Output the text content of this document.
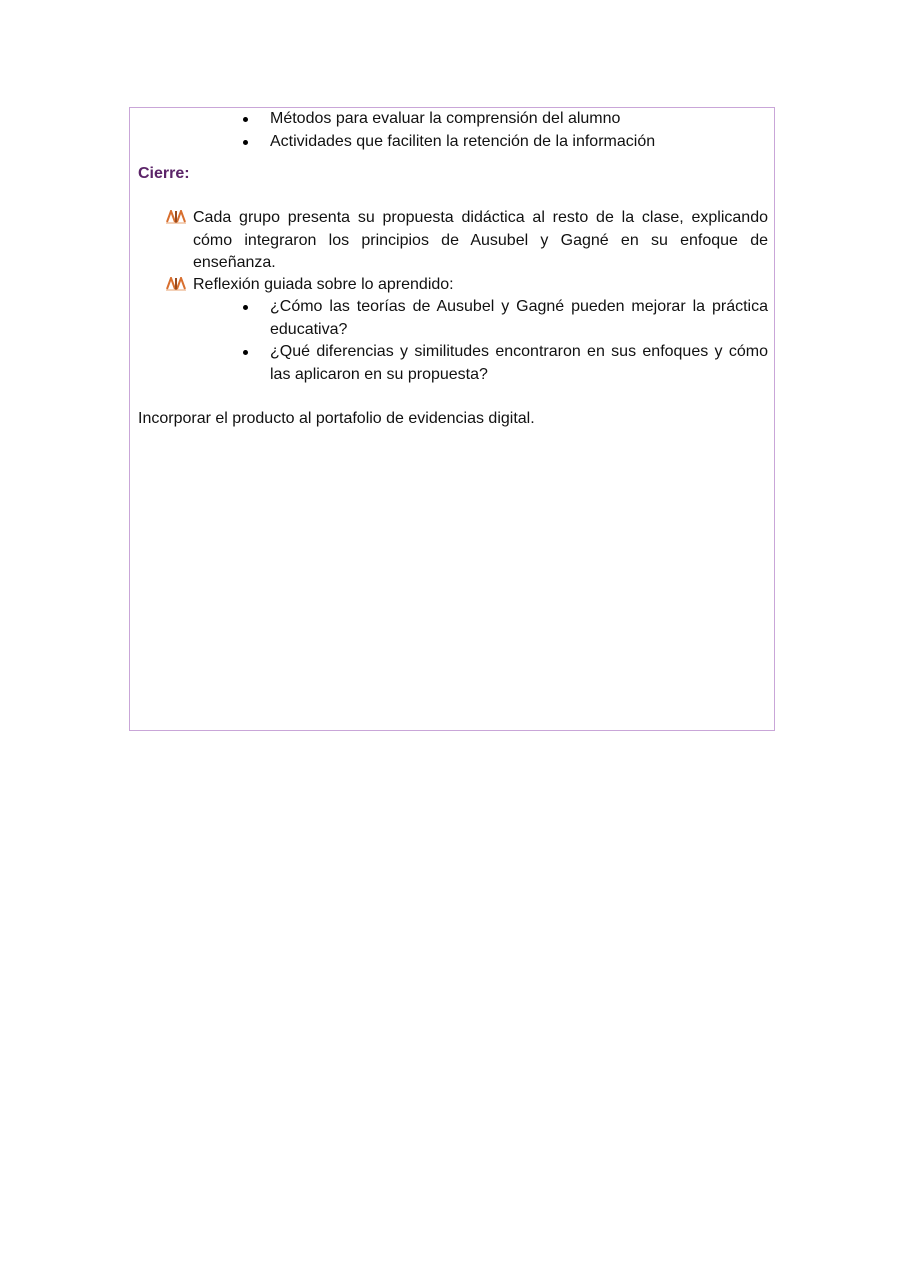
Métodos para evaluar la comprensión del alumno
Actividades que faciliten la retención de la información
Cierre:
Cada grupo presenta su propuesta didáctica al resto de la clase, explicando cómo integraron los principios de Ausubel y Gagné en su enfoque de enseñanza.
Reflexión guiada sobre lo aprendido:
¿Cómo las teorías de Ausubel y Gagné pueden mejorar la práctica educativa?
¿Qué diferencias y similitudes encontraron en sus enfoques y cómo las aplicaron en su propuesta?
Incorporar el producto al portafolio de evidencias digital.
